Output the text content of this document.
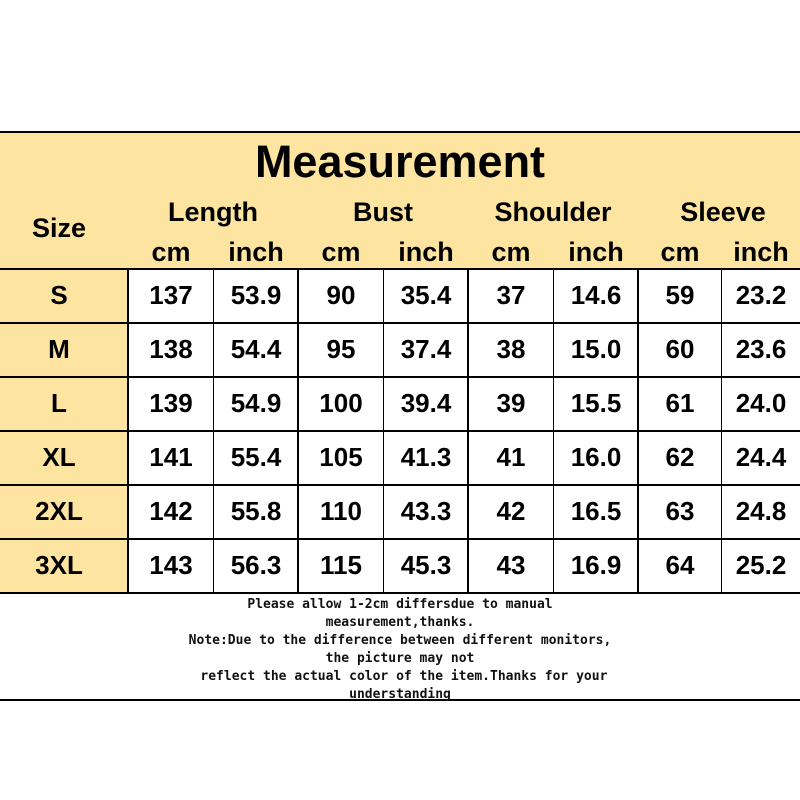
Measurement
Size
Length	Bust	Shoulder	Sleeve
cm	inch	cm	inch	cm	inch	cm	inch
S	137	53.9	90	35.4	37	14.6	59	23.2
M	138	54.4	95	37.4	38	15.0	60	23.6
L	139	54.9	100	39.4	39	15.5	61	24.0
XL	141	55.4	105	41.3	41	16.0	62	24.4
2XL	142	55.8	110	43.3	42	16.5	63	24.8
3XL	143	56.3	115	45.3	43	16.9	64	25.2
Please allow 1-2cm differsdue to manual
measurement,thanks.
Note:Due to the difference between different monitors,
the picture may not
reflect the actual color of the item.Thanks for your
understanding
